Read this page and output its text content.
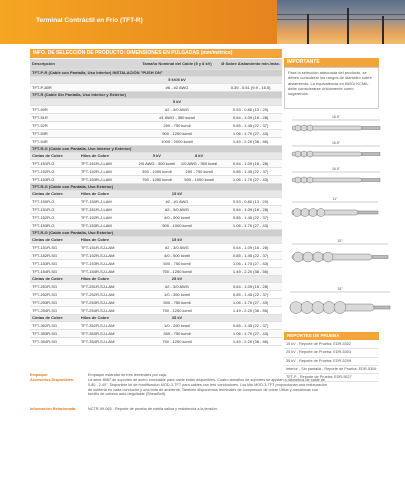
Terminal Contráctil en Frío (TFT-R)
INFO. DE SELECCIÓN DE PRODUCTO: DIMENSIONES EN PULGADAS (mm/métrico)
Descripción		Tamaño Nominal del Cable (5 y 8 kV)		Ø Sobre Aislamiento mín./máx.
TFT-P-R (Cable con Pantalla, Uso Interior) INSTALACIÓN "PUSH ON"				
		5 kV/8 kV		
TFT-P-80R		#6 - #2 AWG		0.39 - 0.61 (9.9 - 15.5)
TFT-R (Cable Sin Pantalla, Uso Interior y Exterior)				
		5 kV		
TFT-50R		#2 - 3/0 AWG		0.53 - 0.80 (13 - 20)
TFT-51R		#1 AWG - 350 kcmil		0.64 - 1.09 (16 - 28)
TFT-52R		250 - 750 kcmil		0.85 - 1.45 (22 - 37)
TFT-53R		500 - 1250 kcmil		1.06 - 1.70 (27 - 43)
TFT-54R		1000 - 2000 kcmil		1.49 - 2.20 (38 - 56)
TFT-R-G (Cable con Pantalla, Uso Interior y Exterior)				
Cintas de Cobre	Hilos de Cobre	5 kV	8 kV	
TFT-151R-G	TFT-151R-J-LAM	2/0 AWG - 500 kcmil	1/0 AWG - 350 kcmil	0.64 - 1.09 (16 - 28)
TFT-152R-G	TFT-152R-J-LAM	350 - 1000 kcmil	250 - 750 kcmil	0.85 - 1.45 (22 - 37)
TFT-153R-G	TFT-153R-J-LAM	750 - 1250 kcmil	500 - 1000 kcmil	1.06 - 1.70 (27 - 43)
TFT-R-G (Cable con Pantalla, Uso Exterior)				
Cintas de Cobre	Hilos de Cobre	15 kV		
TFT-150R-G	TFT-150R-J-LAM	#2 - #1 AWG		0.53 - 0.80 (13 - 20)
TFT-151R-G	TFT-151R-J-LAM	#2 - 3/0 AWG		0.64 - 1.09 (16 - 28)
TFT-152R-G	TFT-152R-J-LAM	4/0 - 500 kcmil		0.85 - 1.45 (22 - 37)
TFT-153R-G	TFT-153R-J-LAM	500 - 1000 kcmil		1.06 - 1.70 (27 - 43)
TFT-R-G (Cable con Pantalla, Uso Exterior)				
Cintas de Cobre	Hilos de Cobre	15 kV		
TFT-151R-SG	TFT-151R-SJ-LAM	#2 - 3/0 AWG		0.64 - 1.09 (16 - 28)
TFT-152R-SG	TFT-152R-SJ-LAM	4/0 - 500 kcmil		0.85 - 1.45 (22 - 37)
TFT-153R-SG	TFT-153R-SJ-LAM	500 - 750 kcmil		1.06 - 1.70 (27 - 43)
TFT-154R-SG	TFT-154R-SJ-LAM	750 - 1250 kcmil		1.49 - 2.20 (38 - 56)
Cintas de Cobre	Hilos de Cobre	25 kV		
TFT-251R-SG	TFT-251R-SJ-LAM	#2 - 3/0 AWG		0.64 - 1.09 (16 - 28)
TFT-252R-SG	TFT-252R-SJ-LAM	1/0 - 350 kcmil		0.85 - 1.45 (22 - 37)
TFT-253R-SG	TFT-253R-SJ-LAM	500 - 750 kcmil		1.06 - 1.70 (27 - 43)
TFT-254R-SG	TFT-254R-SJ-LAM	750 - 1250 kcmil		1.49 - 2.20 (38 - 56)
Cintas de Cobre	Hilos de Cobre	35 kV		
TFT-352R-SG	TFT-352R-SJ-LAM	1/0 - 250 kcmil		0.85 - 1.45 (22 - 37)
TFT-353R-SG	TFT-353R-SJ-LAM	350 - 750 kcmil		1.06 - 1.70 (27 - 43)
TFT-354R-SG	TFT-354R-SJ-LAM	750 - 1250 kcmil		1.49 - 2.20 (38 - 56)
Empaque:	Empaque estándar de tres terminales por caja.
Accesorios Disponibles:	La serie 8987 de soportes de acero inoxidable para cable están disponibles. Cuatro tamaños de soportes se ajustan a diámetros de cable de 0.80 - 2.40". Disponible kit de modificación MOD-3-TFT para cables con tres conductores. Los kits MOD-3-TFT proporcionan una restauración de cubierta en cada conductor y una bota de ambiente. También disponemos terminales de compresión de cobre Utilux y mecánicas con tornillo de cabeza auto-degollable (ShearBolt).
Información Relacionada:	NCTR-99-065 - Reporte de prueba de niebla salina y resistencia a la tensión.
IMPORTANTE
Para la selección adecuada del producto, se deben considerar los rangos de diámetro sobre aislamiento. La equivalencia en AWG/ KCMIL debe considerarse únicamente como sugerencia.
16.5"
16.5"
16.5"
11"
15"
28"
REPORTES DE PRUEBA
15 kV - Reporte de Prueba: EDR-5302
25 kV - Reporte de Prueba: EDR-5303
35 kV - Reporte de Prueba: EDR-5299
Interior - Sin pantalla - Reporte de Prueba: EDR-5306
TFT-P - Reporte de Prueba: EDR-5527
